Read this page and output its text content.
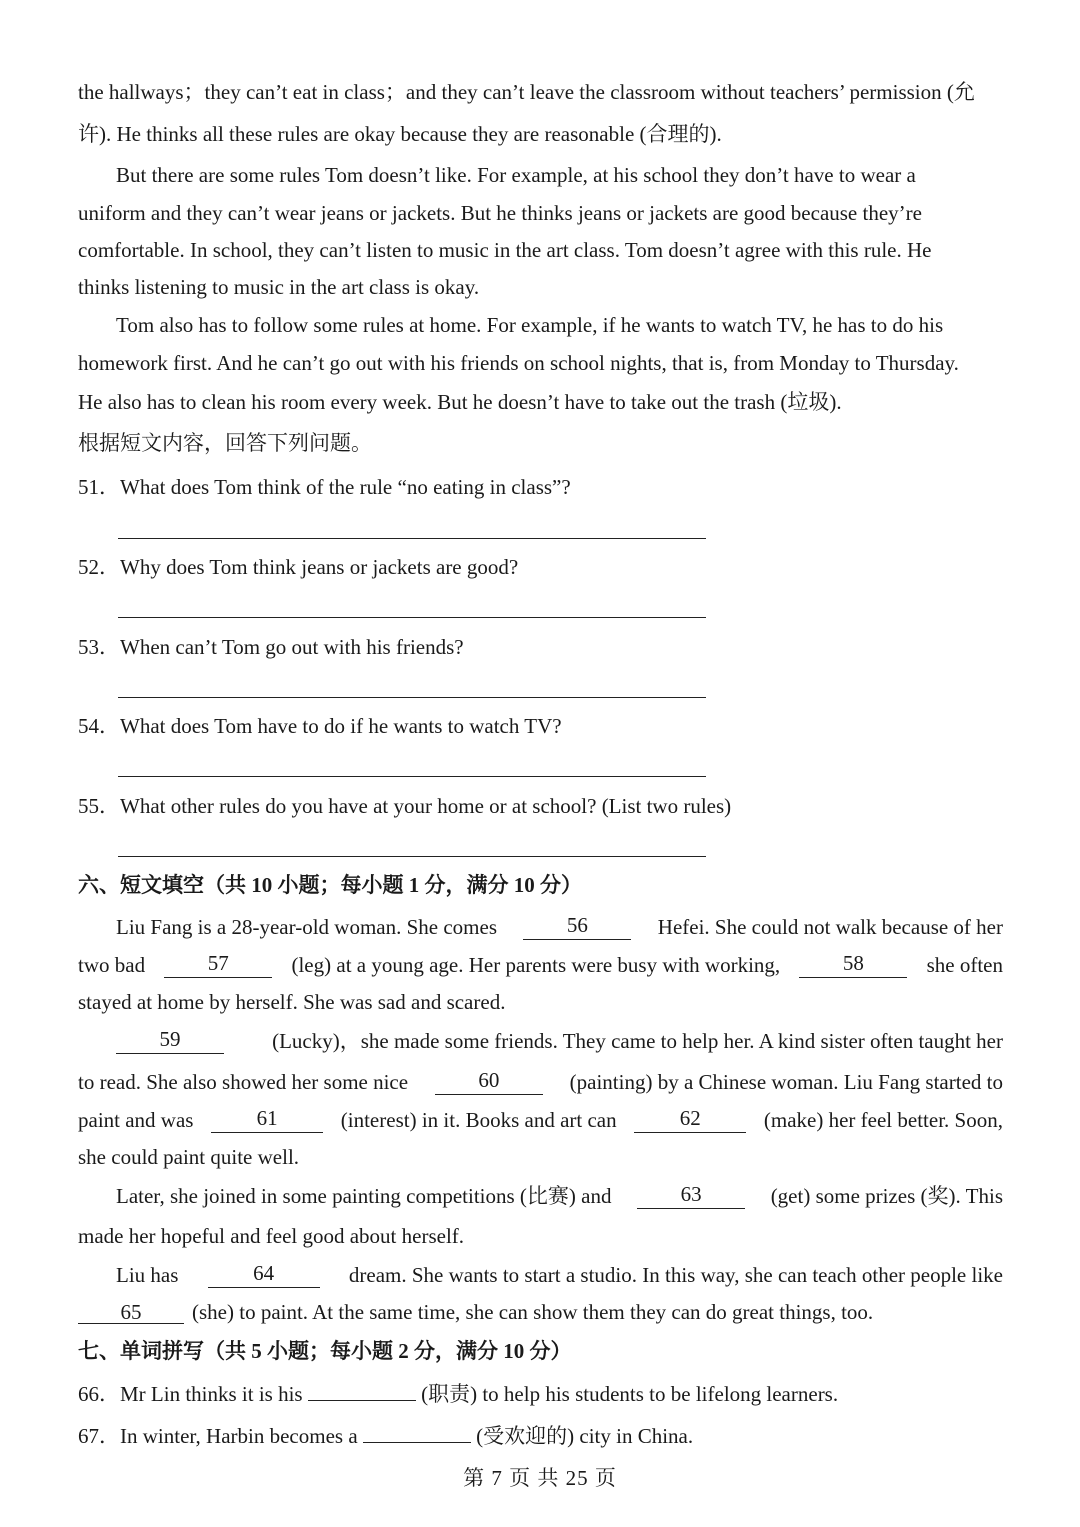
the hallways；they can’t eat in class；and they can’t leave the classroom without teachers’ permission (允
许). He thinks all these rules are okay because they are reasonable (合理的).
But there are some rules Tom doesn’t like. For example, at his school they don’t have to wear a
uniform and they can’t wear jeans or jackets. But he thinks jeans or jackets are good because they’re
comfortable. In school, they can’t listen to music in the art class. Tom doesn’t agree with this rule. He
thinks listening to music in the art class is okay.
Tom also has to follow some rules at home. For example, if he wants to watch TV, he has to do his
homework first. And he can’t go out with his friends on school nights, that is, from Monday to Thursday.
He also has to clean his room every week. But he doesn’t have to take out the trash (垃圾).
根据短文内容，回答下列问题。
51．What does Tom think of the rule “no eating in class”?
52．Why does Tom think jeans or jackets are good?
53．When can’t Tom go out with his friends?
54．What does Tom have to do if he wants to watch TV?
55．What other rules do you have at your home or at school? (List two rules)
六、短文填空（共 10 小题；每小题 1 分，满分 10 分）
Liu Fang is a 28-year-old woman. She comes	56	Hefei. She could not walk because of her
two bad	57	(leg) at a young age. Her parents were busy with working,	58	she often
stayed at home by herself. She was sad and scared.
59	(Lucky)，she made some friends. They came to help her. A kind sister often taught her
to read. She also showed her some nice	60	(painting) by a Chinese woman. Liu Fang started to
paint and was	61	(interest) in it. Books and art can	62	(make) her feel better. Soon,
she could paint quite well.
Later, she joined in some painting competitions (比赛) and	63	(get) some prizes (奖). This
made her hopeful and feel good about herself.
Liu has	64	dream. She wants to start a studio. In this way, she can teach other people like
65 (she) to paint. At the same time, she can show them they can do great things, too.
七、单词拼写（共 5 小题；每小题 2 分，满分 10 分）
66．Mr Lin thinks it is his	(职责) to help his students to be lifelong learners.
67．In winter, Harbin becomes a	(受欢迎的) city in China.
第 7 页 共 25 页
